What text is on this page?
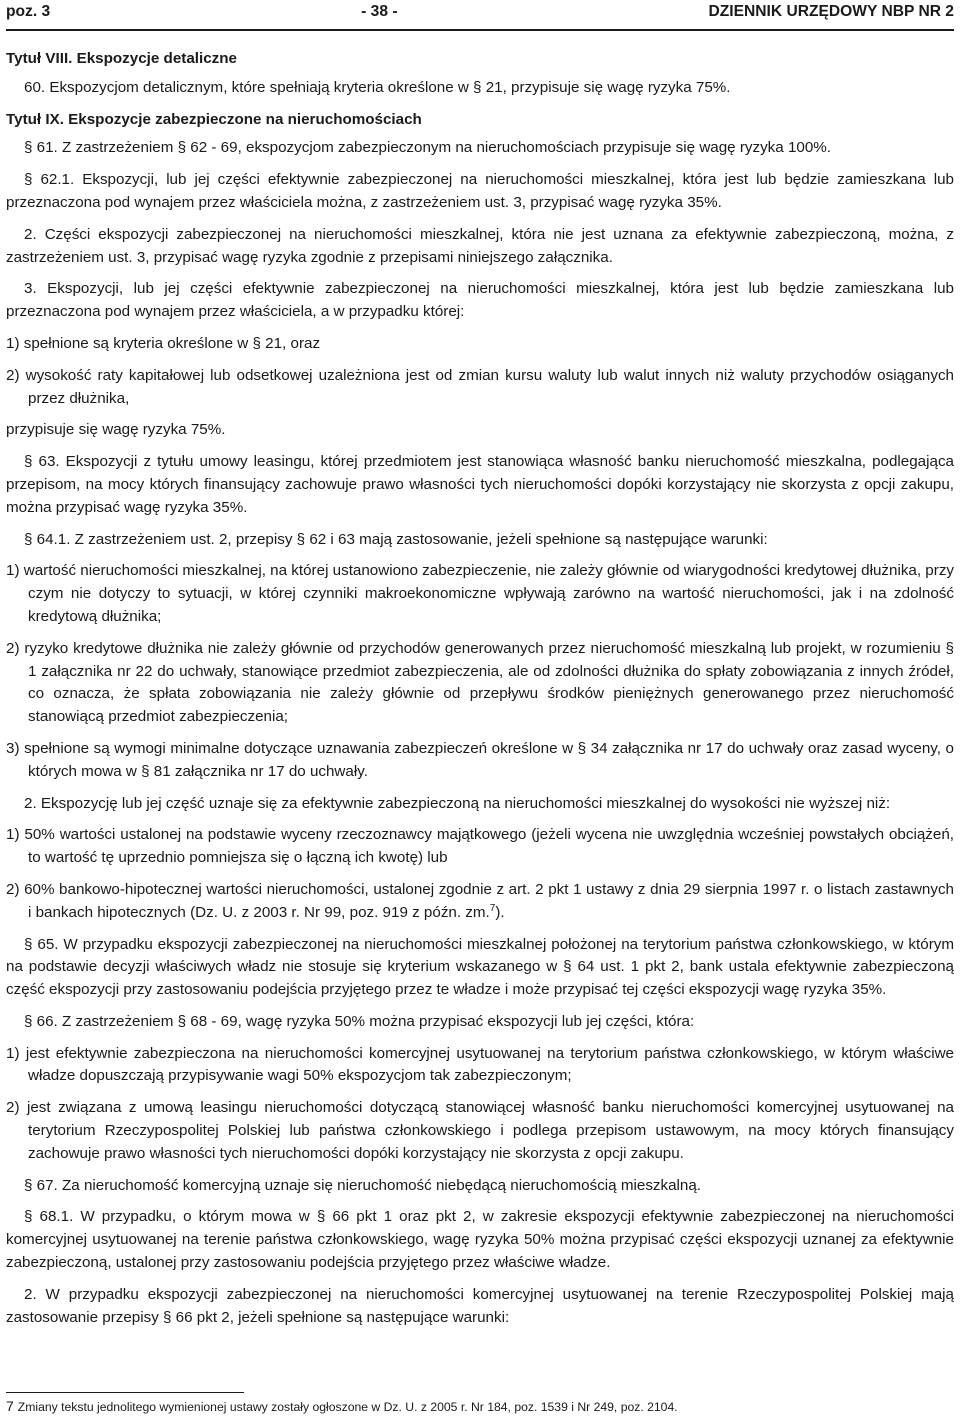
poz. 3	- 38 -	DZIENNIK URZĘDOWY NBP NR 2

Tytuł VIII. Ekspozycje detaliczne

60. Ekspozycjom detalicznym, które spełniają kryteria określone w § 21, przypisuje się wagę ryzyka 75%.

Tytuł IX. Ekspozycje zabezpieczone na nieruchomościach

§ 61. Z zastrzeżeniem § 62 - 69, ekspozycjom zabezpieczonym na nieruchomościach przypisuje się wagę ryzyka 100%.

§ 62.1. Ekspozycji, lub jej części efektywnie zabezpieczonej na nieruchomości mieszkalnej, która jest lub będzie zamieszkana lub przeznaczona pod wynajem przez właściciela można, z zastrzeżeniem ust. 3, przypisać wagę ryzyka 35%.

2. Części ekspozycji zabezpieczonej na nieruchomości mieszkalnej, która nie jest uznana za efektywnie zabezpieczoną, można, z zastrzeżeniem ust. 3, przypisać wagę ryzyka zgodnie z przepisami niniejszego załącznika.

3. Ekspozycji, lub jej części efektywnie zabezpieczonej na nieruchomości mieszkalnej, która jest lub będzie zamieszkana lub przeznaczona pod wynajem przez właściciela, a w przypadku której:

1) spełnione są kryteria określone w § 21, oraz

2) wysokość raty kapitałowej lub odsetkowej uzależniona jest od zmian kursu waluty lub walut innych niż waluty przychodów osiąganych przez dłużnika,

przypisuje się wagę ryzyka 75%.

§ 63. Ekspozycji z tytułu umowy leasingu, której przedmiotem jest stanowiąca własność banku nieruchomość mieszkalna, podlegająca przepisom, na mocy których finansujący zachowuje prawo własności tych nieruchomości dopóki korzystający nie skorzysta z opcji zakupu, można przypisać wagę ryzyka 35%.

§ 64.1. Z zastrzeżeniem ust. 2, przepisy § 62 i 63 mają zastosowanie, jeżeli spełnione są następujące warunki:

1) wartość nieruchomości mieszkalnej, na której ustanowiono zabezpieczenie, nie zależy głównie od wiarygodności kredytowej dłużnika, przy czym nie dotyczy to sytuacji, w której czynniki makroekonomiczne wpływają zarówno na wartość nieruchomości, jak i na zdolność kredytową dłużnika;

2) ryzyko kredytowe dłużnika nie zależy głównie od przychodów generowanych przez nieruchomość mieszkalną lub projekt, w rozumieniu § 1 załącznika nr 22 do uchwały, stanowiące przedmiot zabezpieczenia, ale od zdolności dłużnika do spłaty zobowiązania z innych źródeł, co oznacza, że spłata zobowiązania nie zależy głównie od przepływu środków pieniężnych generowanego przez nieruchomość stanowiącą przedmiot zabezpieczenia;

3) spełnione są wymogi minimalne dotyczące uznawania zabezpieczeń określone w § 34 załącznika nr 17 do uchwały oraz zasad wyceny, o których mowa w § 81 załącznika nr 17 do uchwały.

2. Ekspozycję lub jej część uznaje się za efektywnie zabezpieczoną na nieruchomości mieszkalnej do wysokości nie wyższej niż:

1) 50% wartości ustalonej na podstawie wyceny rzeczoznawcy majątkowego (jeżeli wycena nie uwzględnia wcześniej powstałych obciążeń, to wartość tę uprzednio pomniejsza się o łączną ich kwotę) lub

2) 60% bankowo-hipotecznej wartości nieruchomości, ustalonej zgodnie z art. 2 pkt 1 ustawy z dnia 29 sierpnia 1997 r. o listach zastawnych i bankach hipotecznych (Dz. U. z 2003 r. Nr 99, poz. 919 z późn. zm.$^7$).

§ 65. W przypadku ekspozycji zabezpieczonej na nieruchomości mieszkalnej położonej na terytorium państwa członkowskiego, w którym na podstawie decyzji właściwych władz nie stosuje się kryterium wskazanego w § 64 ust. 1 pkt 2, bank ustala efektywnie zabezpieczoną część ekspozycji przy zastosowaniu podejścia przyjętego przez te władze i może przypisać tej części ekspozycji wagę ryzyka 35%.

§ 66. Z zastrzeżeniem § 68 - 69, wagę ryzyka 50% można przypisać ekspozycji lub jej części, która:

1) jest efektywnie zabezpieczona na nieruchomości komercyjnej usytuowanej na terytorium państwa członkowskiego, w którym właściwe władze dopuszczają przypisywanie wagi 50% ekspozycjom tak zabezpieczonym;

2) jest związana z umową leasingu nieruchomości dotyczącą stanowiącej własność banku nieruchomości komercyjnej usytuowanej na terytorium Rzeczypospolitej Polskiej lub państwa członkowskiego i podlega przepisom ustawowym, na mocy których finansujący zachowuje prawo własności tych nieruchomości dopóki korzystający nie skorzysta z opcji zakupu.

§ 67. Za nieruchomość komercyjną uznaje się nieruchomość niebędącą nieruchomością mieszkalną.

§ 68.1. W przypadku, o którym mowa w § 66 pkt 1 oraz pkt 2, w zakresie ekspozycji efektywnie zabezpieczonej na nieruchomości komercyjnej usytuowanej na terenie państwa członkowskiego, wagę ryzyka 50% można przypisać części ekspozycji uznanej za efektywnie zabezpieczoną, ustalonej przy zastosowaniu podejścia przyjętego przez właściwe władze.

2. W przypadku ekspozycji zabezpieczonej na nieruchomości komercyjnej usytuowanej na terenie Rzeczypospolitej Polskiej mają zastosowanie przepisy § 66 pkt 2, jeżeli spełnione są następujące warunki:

7 Zmiany tekstu jednolitego wymienionej ustawy zostały ogłoszone w Dz. U. z 2005 r. Nr 184, poz. 1539 i Nr 249, poz. 2104.
